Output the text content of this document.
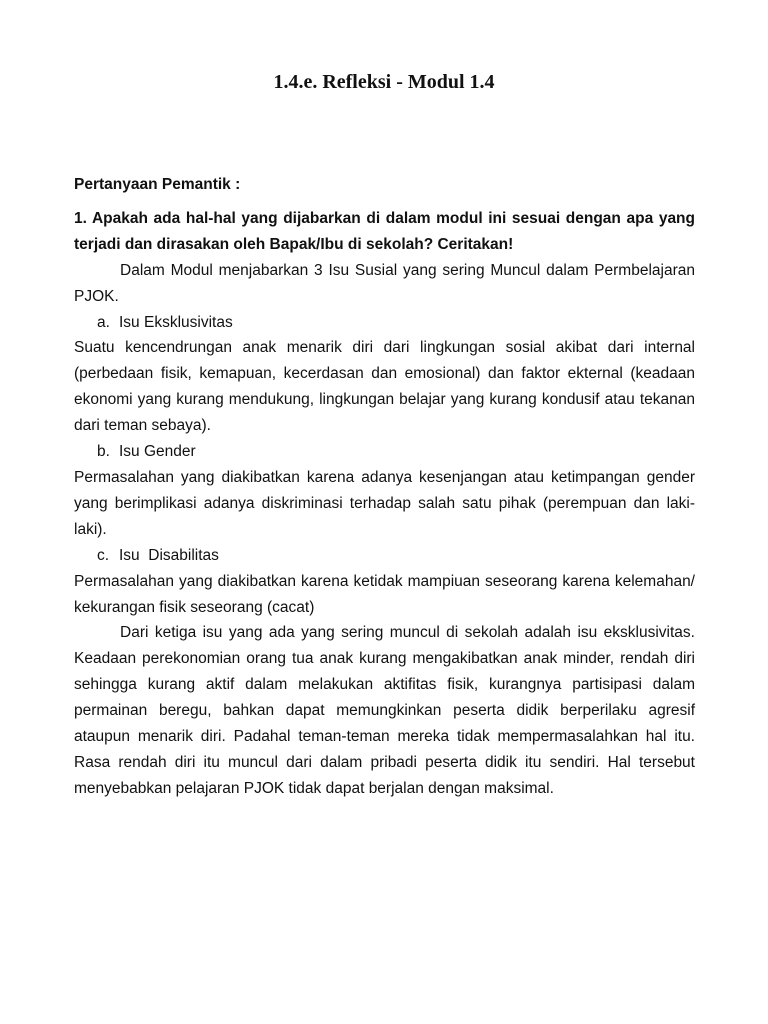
1.4.e. Refleksi - Modul 1.4

Pertanyaan Pemantik :

1. Apakah ada hal-hal yang dijabarkan di dalam modul ini sesuai dengan apa yang terjadi dan dirasakan oleh Bapak/Ibu di sekolah? Ceritakan!

Dalam Modul menjabarkan 3 Isu Susial yang sering Muncul dalam Permbelajaran PJOK.

a. Isu Eksklusivitas

Suatu kencendrungan anak menarik diri dari lingkungan sosial akibat dari internal (perbedaan fisik, kemapuan, kecerdasan dan emosional) dan faktor ekternal (keadaan ekonomi yang kurang mendukung, lingkungan belajar yang kurang kondusif atau tekanan dari teman sebaya).

b. Isu Gender

Permasalahan yang diakibatkan karena adanya kesenjangan atau ketimpangan gender yang berimplikasi adanya diskriminasi terhadap salah satu pihak (perempuan dan laki-laki).

c. Isu  Disabilitas

Permasalahan yang diakibatkan karena ketidak mampiuan seseorang karena kelemahan/ kekurangan fisik seseorang (cacat)

Dari ketiga isu yang ada yang sering muncul di sekolah adalah isu eksklusivitas.  Keadaan perekonomian orang tua anak kurang mengakibatkan anak minder, rendah diri sehingga kurang aktif dalam melakukan aktifitas fisik, kurangnya partisipasi dalam permainan beregu, bahkan dapat memungkinkan peserta didik berperilaku agresif ataupun menarik diri. Padahal teman-teman mereka tidak mempermasalahkan hal itu. Rasa rendah diri itu muncul dari dalam pribadi peserta didik itu sendiri. Hal tersebut menyebabkan pelajaran PJOK tidak dapat berjalan dengan maksimal.
